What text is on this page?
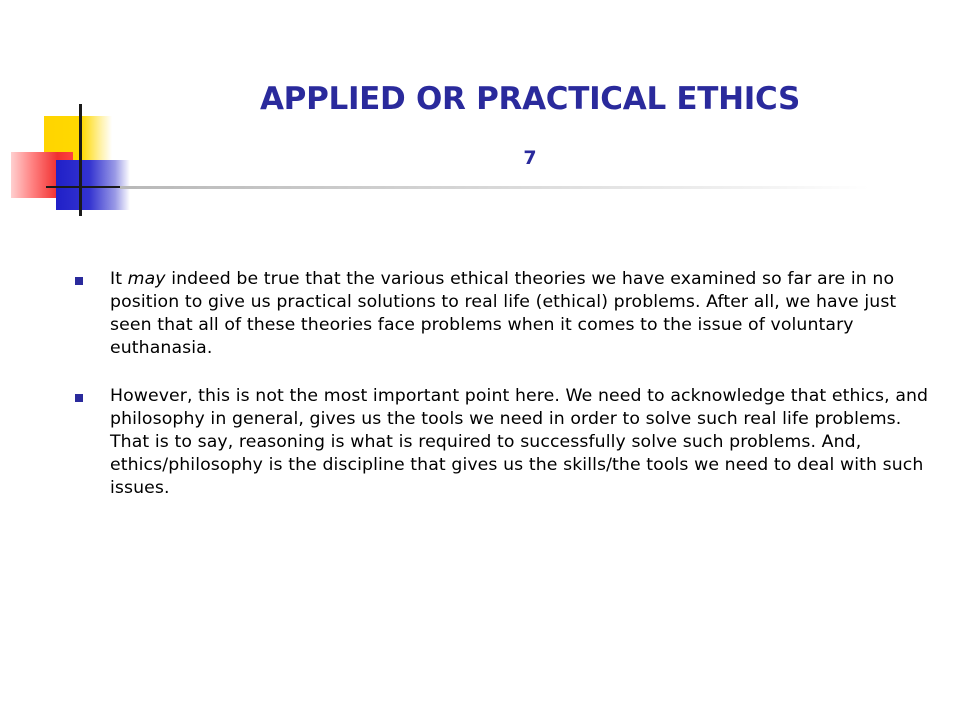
APPLIED OR PRACTICAL ETHICS
7
It may indeed be true that the various ethical theories we have examined so far are in no position to give us practical solutions to real life (ethical) problems. After all, we have just seen that all of these theories face problems when it comes to the issue of voluntary euthanasia.
However, this is not the most important point here. We need to acknowledge that ethics, and philosophy in general, gives us the tools we need in order to solve such real life problems. That is to say, reasoning is what is required to successfully solve such problems. And, ethics/philosophy is the discipline that gives us the skills/the tools we need to deal with such issues.
